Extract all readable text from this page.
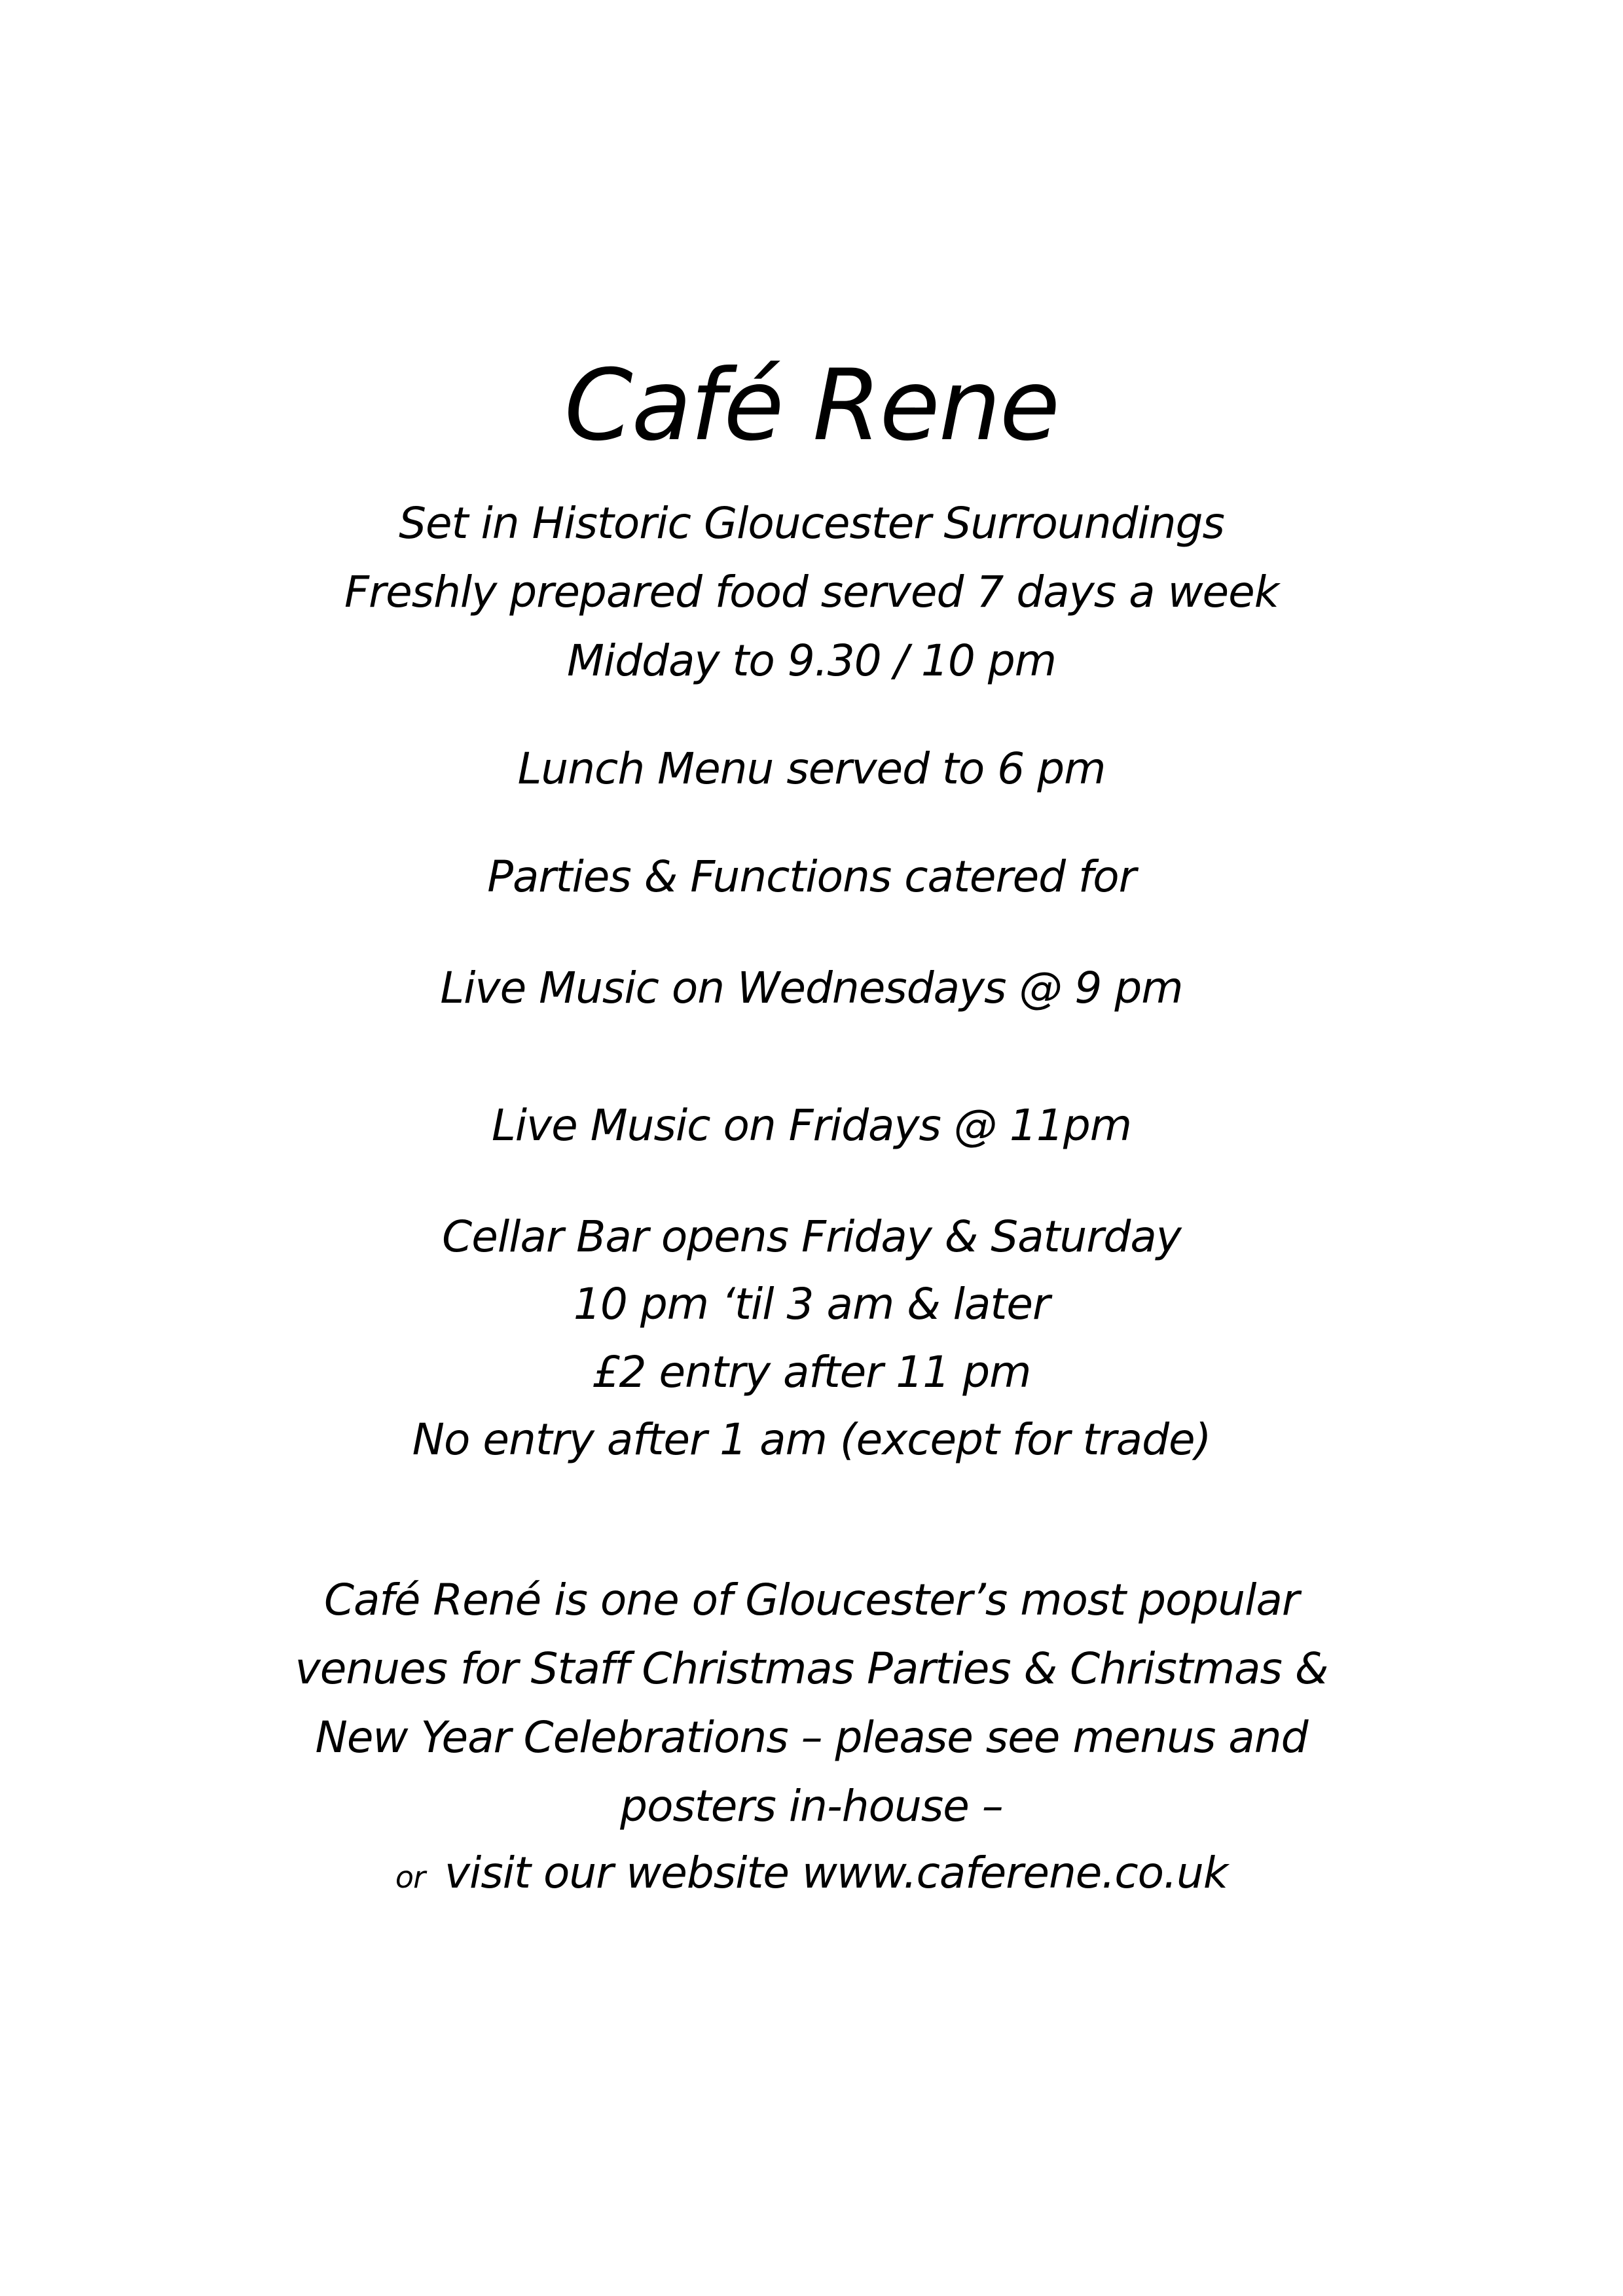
Café Rene
Set in Historic Gloucester Surroundings
Freshly prepared food served 7 days a week
Midday to 9.30 / 10 pm
Lunch Menu served to 6 pm
Parties & Functions catered for
Live Music on Wednesdays @ 9 pm
Live Music on Fridays @ 11pm
Cellar Bar opens Friday & Saturday
10 pm ‘til 3 am & later
£2 entry after 11 pm
No entry after 1 am (except for trade)
Café René is one of Gloucester’s most popular
venues for Staff Christmas Parties & Christmas &
New Year Celebrations – please see menus and
posters in-house –
or visit our website www.caferene.co.uk
